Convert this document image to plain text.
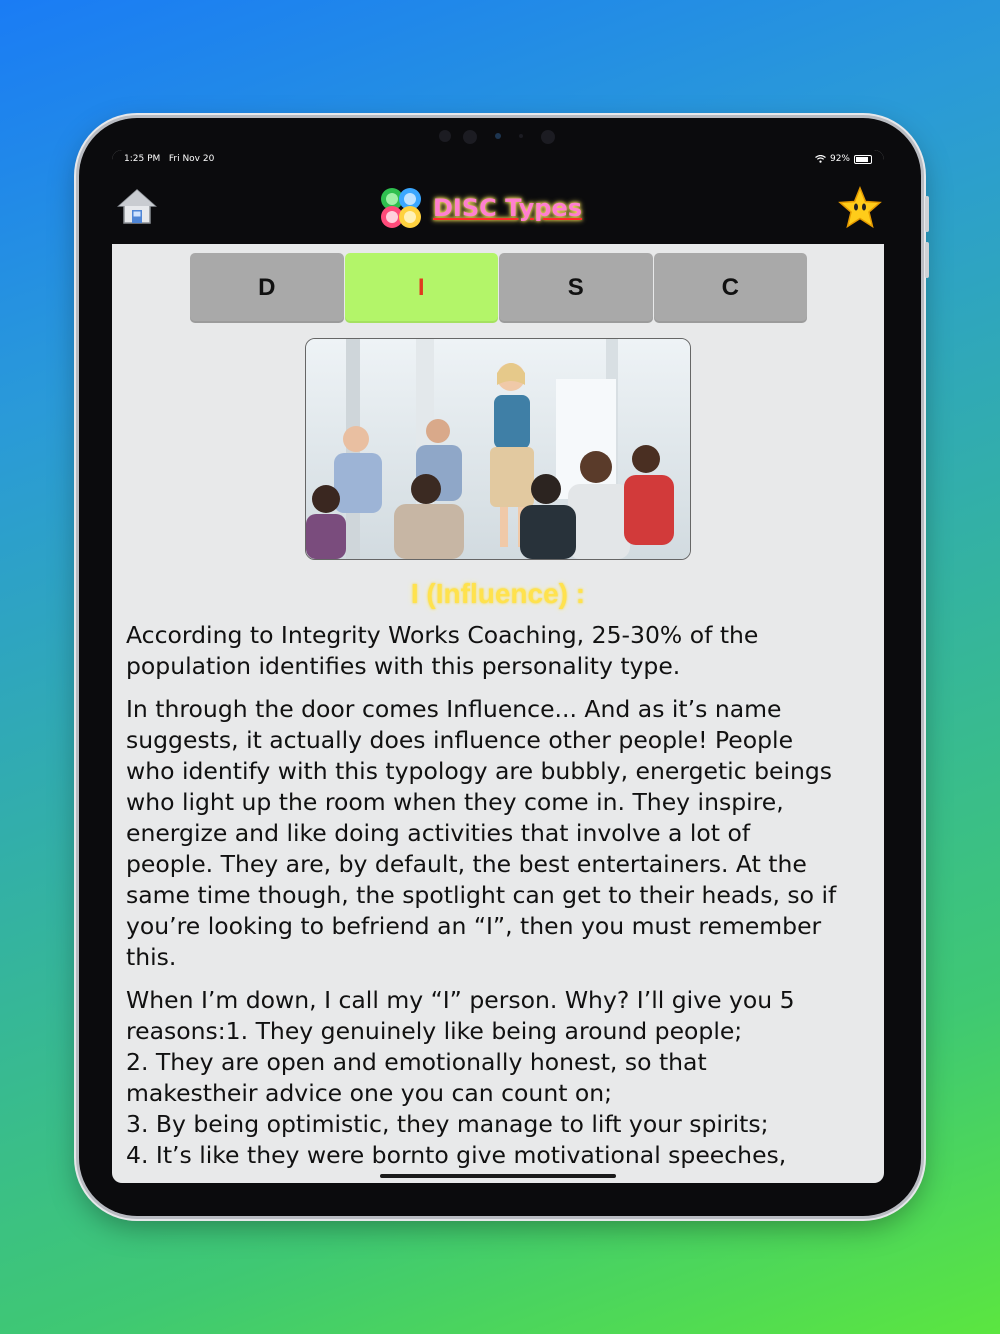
1:25 PM Fri Nov 20	92%
DISC Types
D	I	S	C
I (Influence) :

According to Integrity Works Coaching, 25-30% of the
population identifies with this personality type.

In through the door comes Influence... And as it’s name
suggests, it actually does influence other people! People
who identify with this typology are bubbly, energetic beings
who light up the room when they come in. They inspire,
energize and like doing activities that involve a lot of
people. They are, by default, the best entertainers. At the
same time though, the spotlight can get to their heads, so if
you’re looking to befriend an “I”, then you must remember
this.

When I’m down, I call my “I” person. Why? I’ll give you 5
reasons:1. They genuinely like being around people;
2. They are open and emotionally honest, so that
makestheir advice one you can count on;
3. By being optimistic, they manage to lift your spirits;
4. It’s like they were bornto give motivational speeches,
